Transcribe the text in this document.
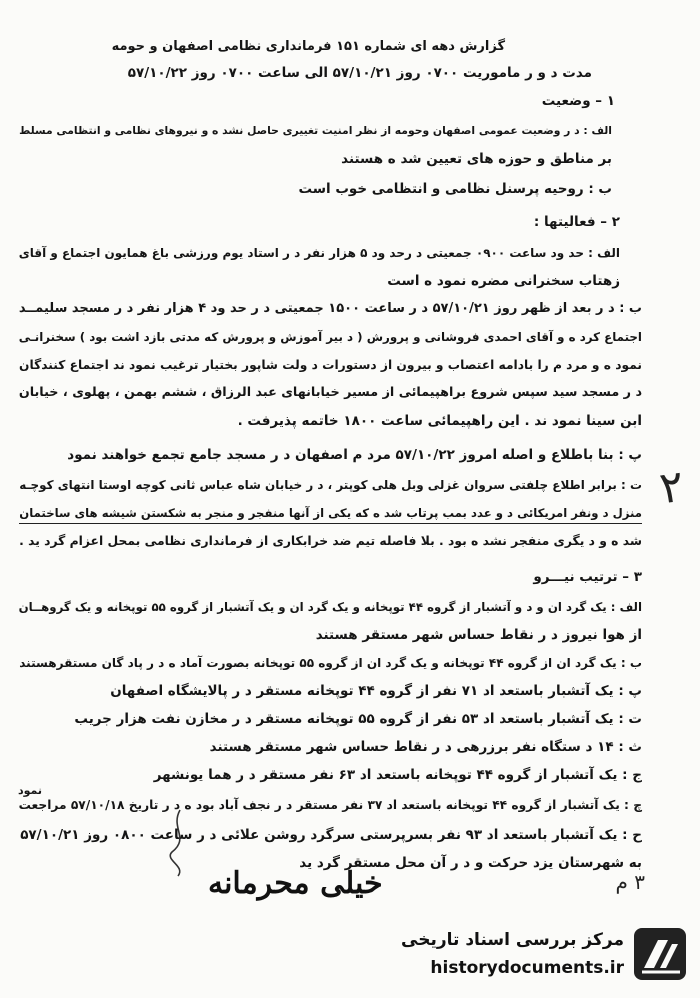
گزارش دهه ای شماره ۱۵۱ فرمانداری نظامی اصفهان و حومه
مدت د و ر ماموریت ۰۷۰۰ روز ۵۷/۱۰/۲۱ الی ساعت ۰۷۰۰ روز ۵۷/۱۰/۲۲
۱ – وضعیت
الف : د ر وضعیت عمومی اصفهان وحومه از نظر امنیت تغییری حاصل نشد ه و نیروهای نظامی و انتظامی مسلط
بر مناطق و حوزه های تعیین شد ه هستند
ب : روحیه پرسنل نظامی و انتظامی خوب است
۲ – فعالیتها :
الف : حد ود ساعت ۰۹۰۰ جمعیتی د رحد ود ۵ هزار نفر د ر استاد یوم ورزشی باغ همایون اجتماع و آقای
زهتاب سخنرانی مضره نمود ه است
ب : د ر بعد از ظهر روز ۵۷/۱۰/۲۱ د ر ساعت ۱۵۰۰ جمعیتی د ر حد ود ۴ هزار نفر د ر مسجد سلیمــد
اجتماع کرد ه و آقای احمدی فروشانی و پرورش ( د بیر آموزش و پرورش که مدتی بازد اشت بود ) سخنرانـی
نمود ه و مرد م را بادامه اعتصاب و بیرون از دستورات د ولت شاپور بختیار ترغیب نمود ند اجتماع کنندگان
د ر مسجد سید سپس شروع براهپیمائی از مسیر خیابانهای عبد الرزاق ، ششم بهمن ، پهلوی ، خیابان
ابن سینا نمود ند . این راهپیمائی ساعت ۱۸۰۰ خاتمه پذیرفت .
پ : بنا باطلاع و اصله امروز ۵۷/۱۰/۲۲ مرد م اصفهان د ر مسجد جامع تجمع خواهند نمود
ت : برابر اطلاع چلفتی سروان غزلی وبل هلی کوپتر ، د ر خیابان شاه عباس ثانی کوچه اوستا انتهای کوچـه
منزل د ونفر امریکائی د و عدد بمب پرتاب شد ه که یکی از آنها منفجر و منجر به شکستن شیشه های ساختمان
شد ه و د یگری منفجر نشد ه بود . بلا فاصله تیم ضد خرابکاری از فرمانداری نظامی بمحل اعزام گرد ید .
۲
۳ – ترتیب نیـــرو
الف : یک گرد ان و د و آتشبار از گروه ۴۴ توپخانه و یک گرد ان و یک آتشبار از گروه ۵۵ توپخانه و یک گروهــان
از هوا نیروز د ر نقاط حساس شهر مستقر هستند
ب : یک گرد ان از گروه ۴۴ توپخانه و یک گرد ان از گروه ۵۵ توپخانه بصورت آماد ه د ر پاد گان مستقرهستند
پ : یک آتشبار باستعد اد ۷۱ نفر از گروه ۴۴ توپخانه مستقر د ر پالایشگاه اصفهان
ت : یک آتشبار باستعد اد ۵۳ نفر از گروه ۵۵ توپخانه مستقر د ر مخازن نفت هزار جریب
ث : ۱۴ د ستگاه نفر برزرهی د ر نقاط حساس شهر مستقر هستند
ج : یک آتشبار از گروه ۴۴ توپخانه باستعد اد ۶۳ نفر مستقر د ر هما یونشهر
نمود
چ : یک آتشبار از گروه ۴۴ توپخانه باستعد اد ۳۷ نفر مستقر د ر نجف آباد بود ه د ر تاریخ ۵۷/۱۰/۱۸ مراجعت
ح : یک آتشبار باستعد اد ۹۳ نفر بسرپرستی سرگرد روشن علائی د ر ساعت ۰۸۰۰ روز ۵۷/۱۰/۲۱
به شهرستان یزد حرکت و د ر آن محل مستقر گرد ید
۳ م
خیلی محرمانه
مرکز بررسی اسناد تاریخی
historydocuments.ir
